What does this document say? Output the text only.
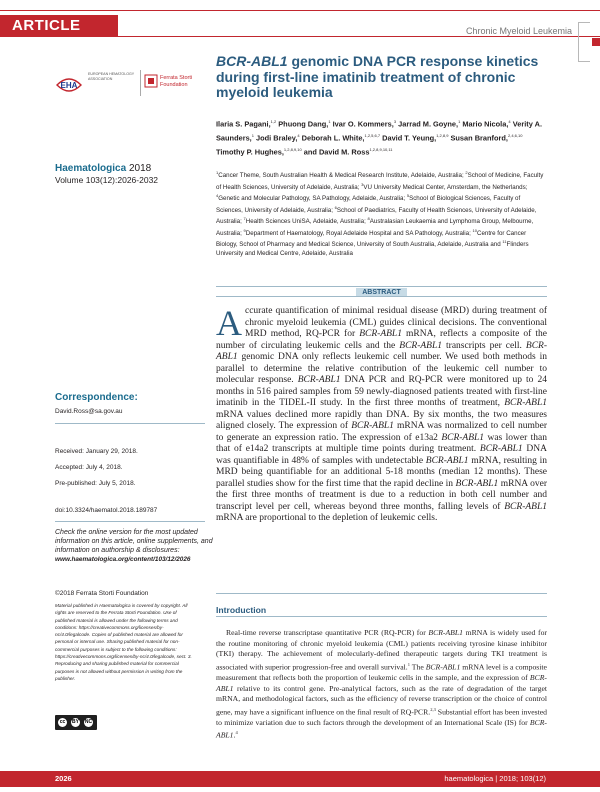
ARTICLE	Chronic Myeloid Leukemia
EHA
EUROPEAN HEMATOLOGY ASSOCIATION	Ferrata Storti Foundation
Haematologica 2018
Volume 103(12):2026-2032
Correspondence:
David.Ross@sa.gov.au
Received: January 29, 2018.
Accepted: July 4, 2018.
Pre-published: July 5, 2018.
doi:10.3324/haematol.2018.189787
Check the online version for the most updated information on this article, online supplements, and information on authorship & disclosures:
www.haematologica.org/content/103/12/2026
©2018 Ferrata Storti Foundation
Material published in Haematologica is covered by copyright. All rights are reserved to the Ferrata Storti Foundation. Use of published material is allowed under the following terms and conditions: https://creativecommons.org/licenses/by-nc/4.0/legalcode. Copies of published material are allowed for personal or internal use. Sharing published material for non-commercial purposes is subject to the following conditions: https://creativecommons.org/licenses/by-nc/4.0/legalcode, sect. 3. Reproducing and sharing published material for commercial purposes is not allowed without permission in writing from the publisher.
cc	BY NC
BCR-ABL1 genomic DNA PCR response kinetics during first-line imatinib treatment of chronic myeloid leukemia
Ilaria S. Pagani,$^{1,2}$ Phuong Dang,$^1$ Ivar O. Kommers,$^3$ Jarrad M. Goyne,$^1$ Mario Nicola,$^4$ Verity A. Saunders,$^1$ Jodi Braley,$^4$ Deborah L. White,$^{1,2,5,6,7}$ David T. Yeung,$^{1,2,8,9}$ Susan Branford,$^{2,4,6,10}$ Timothy P. Hughes,$^{1,2,8,9,10}$ and David M. Ross$^{1,2,8,9,10,11}$
$^1$Cancer Theme, South Australian Health & Medical Research Institute, Adelaide, Australia; $^2$School of Medicine, Faculty of Health Sciences, University of Adelaide, Australia; $^3$VU University Medical Center, Amsterdam, the Netherlands; $^4$Genetic and Molecular Pathology, SA Pathology, Adelaide, Australia; $^5$School of Biological Sciences, Faculty of Sciences, University of Adelaide, Australia; $^6$School of Paediatrics, Faculty of Health Sciences, University of Adelaide, Australia; $^7$Health Sciences UniSA, Adelaide, Australia; $^8$Australasian Leukaemia and Lymphoma Group, Melbourne, Australia; $^9$Department of Haematology, Royal Adelaide Hospital and SA Pathology, Australia; $^{10}$Centre for Cancer Biology, School of Pharmacy and Medical Science, University of South Australia, Adelaide, Australia and $^{11}$Flinders University and Medical Centre, Adelaide, Australia
ABSTRACT
Accurate quantification of minimal residual disease (MRD) during treatment of chronic myeloid leukemia (CML) guides clinical decisions. The conventional MRD method, RQ-PCR for BCR-ABL1 mRNA, reflects a composite of the number of circulating leukemic cells and the BCR-ABL1 transcripts per cell. BCR-ABL1 genomic DNA only reflects leukemic cell number. We used both methods in parallel to determine the relative contribution of the leukemic cell number to molecular response. BCR-ABL1 DNA PCR and RQ-PCR were monitored up to 24 months in 516 paired samples from 59 newly-diagnosed patients treated with first-line imatinib in the TIDEL-II study. In the first three months of treatment, BCR-ABL1 mRNA values declined more rapidly than DNA. By six months, the two measures aligned closely. The expression of BCR-ABL1 mRNA was normalized to cell number to generate an expression ratio. The expression of e13a2 BCR-ABL1 was lower than that of e14a2 transcripts at multiple time points during treatment. BCR-ABL1 DNA was quantifiable in 48% of samples with undetectable BCR-ABL1 mRNA, resulting in MRD being quantifiable for an additional 5-18 months (median 12 months). These parallel studies show for the first time that the rapid decline in BCR-ABL1 mRNA over the first three months of treatment is due to a reduction in both cell number and transcript level per cell, whereas beyond three months, falling levels of BCR-ABL1 mRNA are proportional to the depletion of leukemic cells.
Introduction
Real-time reverse transcriptase quantitative PCR (RQ-PCR) for BCR-ABL1 mRNA is widely used for the routine monitoring of chronic myeloid leukemia (CML) patients receiving tyrosine kinase inhibitor (TKI) therapy. The achievement of molecularly-defined therapeutic targets during TKI treatment is associated with superior progression-free and overall survival.$^1$ The BCR-ABL1 mRNA level is a composite measurement that reflects both the proportion of leukemic cells in the sample, and the expression of BCR-ABL1 relative to its control gene. Pre-analytical factors, such as the rate of degradation of the target mRNA, and methodological factors, such as the efficiency of reverse transcription or the choice of control gene, may have a significant influence on the final result of RQ-PCR.$^{2,3}$ Substantial effort has been invested to minimize variation due to such factors through the development of an International Scale (IS) for BCR-ABL1.$^4$
2026	haematologica | 2018; 103(12)
